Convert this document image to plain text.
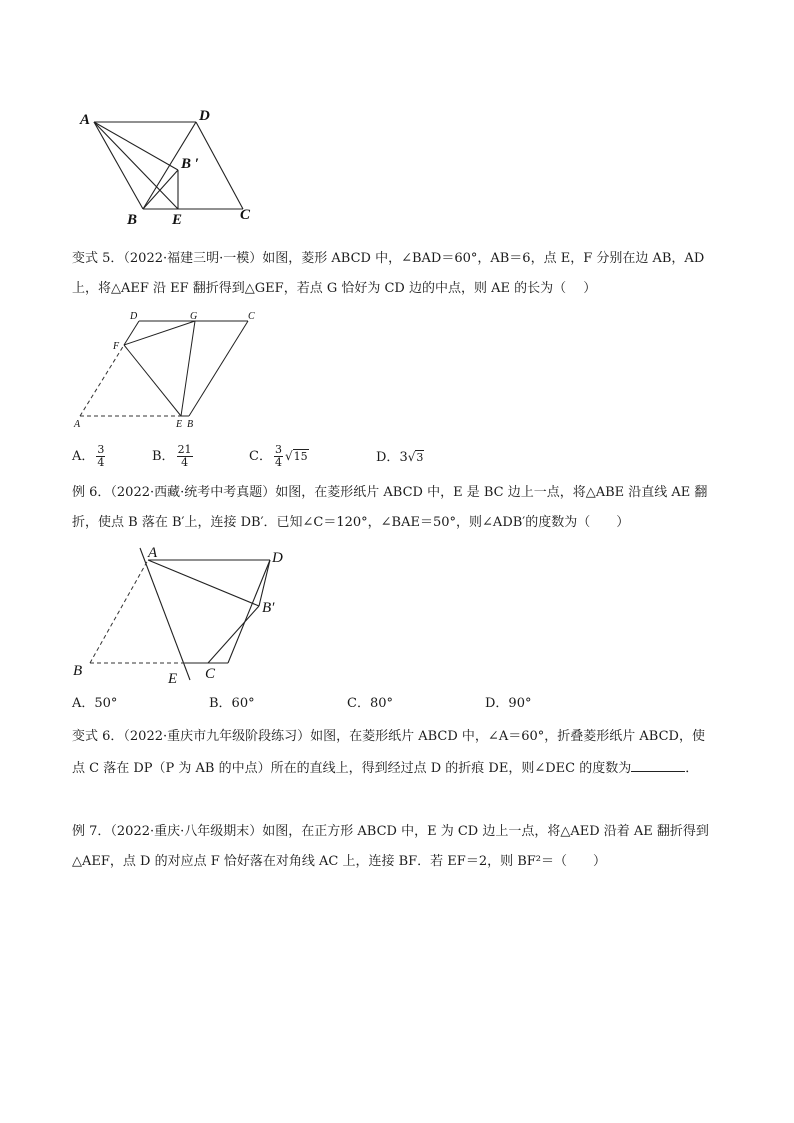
A	D
B ′
B E	C
变式 5．（2022·福建三明·一模）如图，菱形 ABCD 中，∠BAD＝60°，AB＝6，点 E，F 分别在边 AB，AD
上，将△AEF 沿 EF 翻折得到△GEF，若点 G 恰好为 CD 边的中点，则 AE 的长为（　 ）
D	G	C
F
A	E B
A． $\frac{3}{4}$	B． $\frac{21}{4}$	C． $\frac{3}{4} √15$	D．3√3
例 6．（2022·西藏·统考中考真题）如图，在菱形纸片 ABCD 中，E 是 BC 边上一点，将△ABE 沿直线 AE 翻
折，使点 B 落在 B′上，连接 DB′．已知∠C＝120°，∠BAE＝50°，则∠ADB′的度数为（　　）
A	D
B′
B	E C
A．50°	B．60°	C．80°	D．90°
变式 6．（2022·重庆市九年级阶段练习）如图，在菱形纸片 ABCD 中，∠A＝60°，折叠菱形纸片 ABCD，使
点 C 落在 DP（P 为 AB 的中点）所在的直线上，得到经过点 D 的折痕 DE，则∠DEC 的度数为	．
例 7．（2022·重庆·八年级期末）如图，在正方形 ABCD 中，E 为 CD 边上一点，将△AED 沿着 AE 翻折得到
△AEF，点 D 的对应点 F 恰好落在对角线 AC 上，连接 BF．若 EF＝2，则 BF²＝（　　）
